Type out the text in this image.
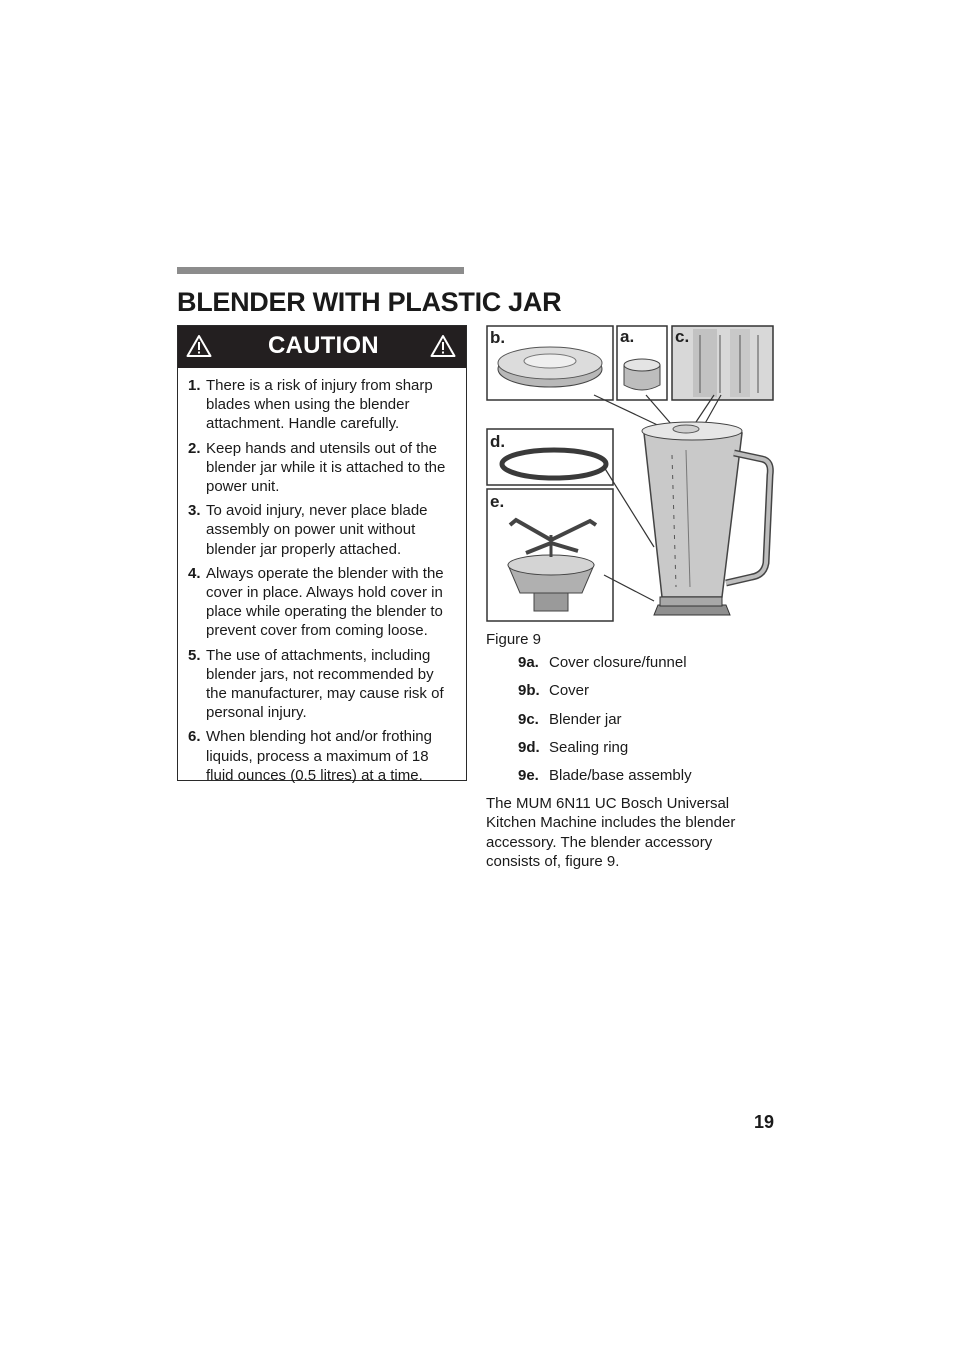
BLENDER WITH PLASTIC JAR
CAUTION
1. There is a risk of injury from sharp blades when using the blender attachment. Handle carefully.
2. Keep hands and utensils out of the blender jar while it is attached to the power unit.
3. To avoid injury, never place blade assembly on power unit without blender jar properly attached.
4. Always operate the blender with the cover in place. Always hold cover in place while operating the blender to prevent cover from coming loose.
5. The use of attachments, including blender jars, not recommended by the manufacturer, may cause risk of personal injury.
6. When blending hot and/or frothing liquids, process a maximum of 18 fluid ounces (0.5 litres) at a time.
b.	a. c.
d.
e.
Figure 9
9a. Cover closure/funnel
9b. Cover
9c. Blender jar
9d. Sealing ring
9e. Blade/base assembly

The MUM 6N11 UC Bosch Universal Kitchen Machine includes the blender accessory. The blender accessory consists of, figure 9.

19
